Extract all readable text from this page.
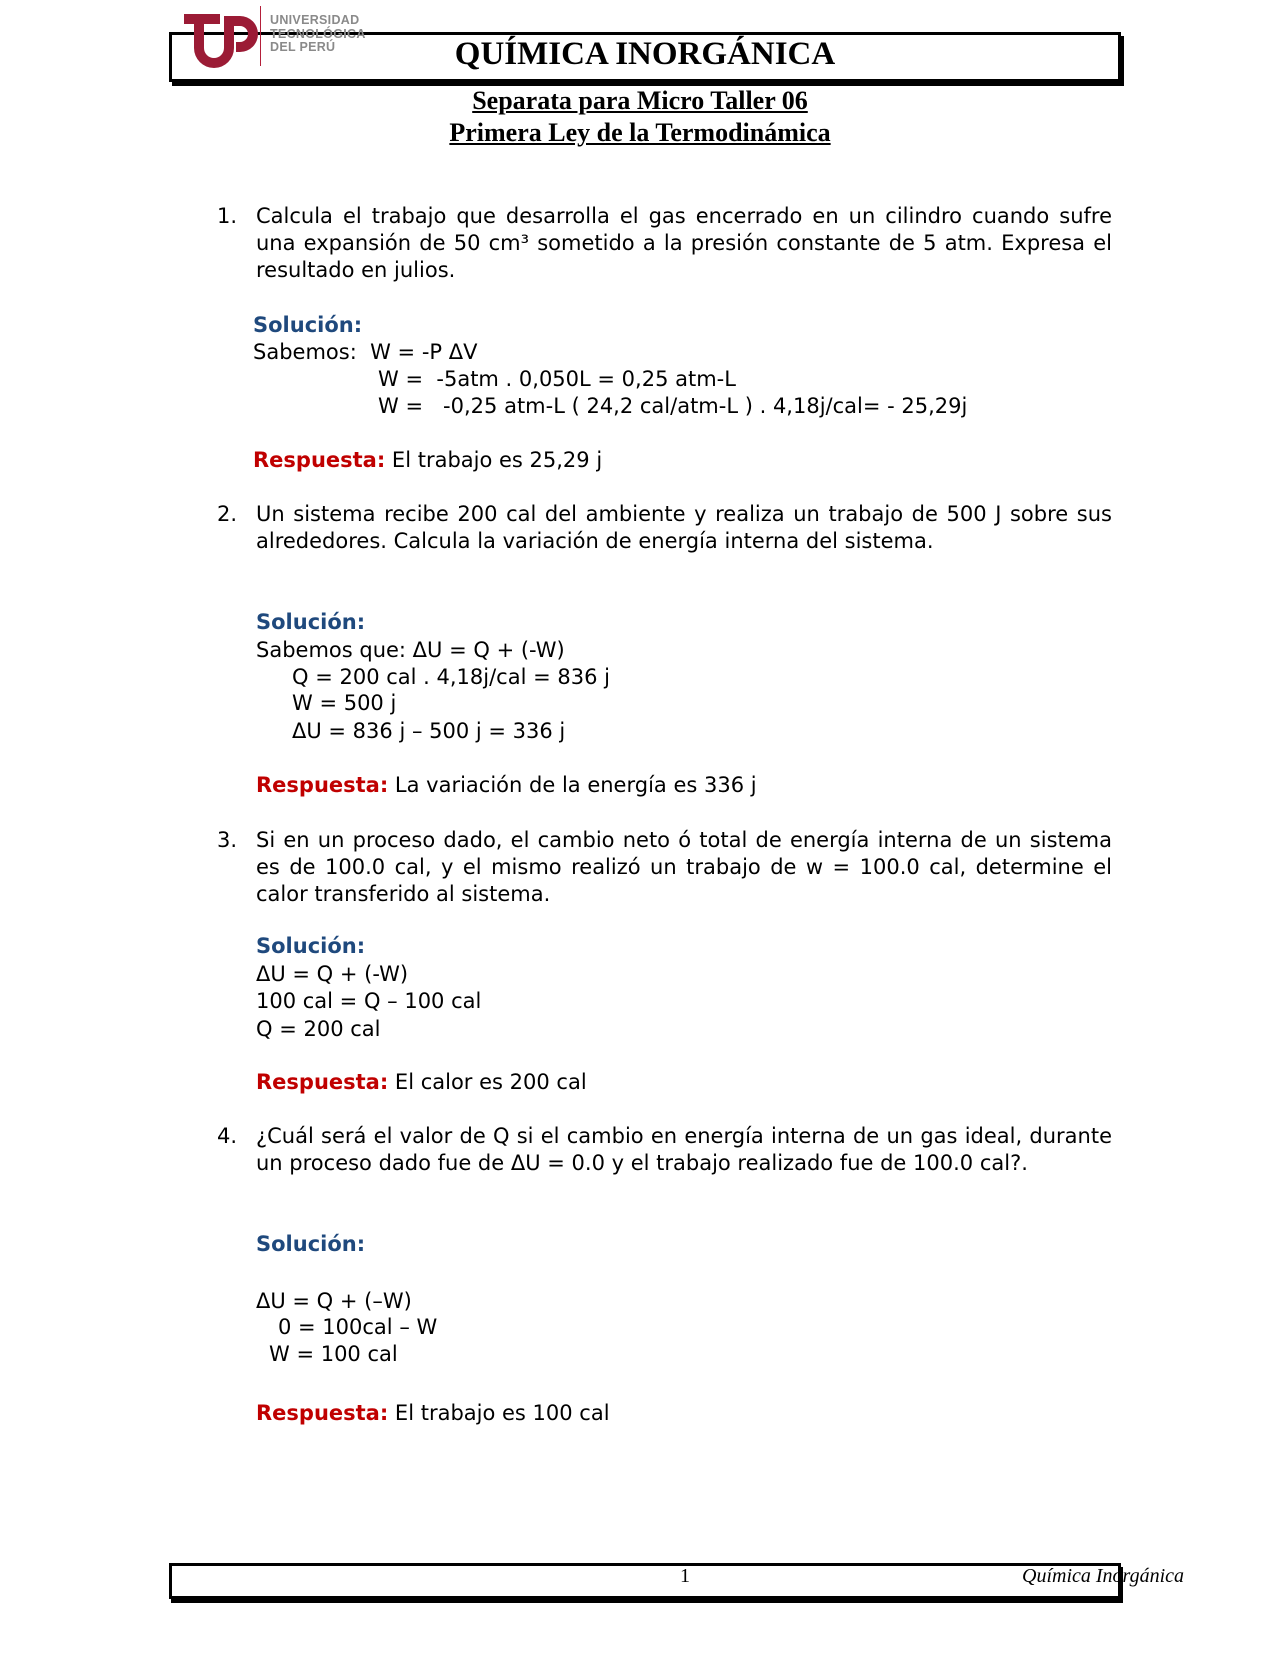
UNIVERSIDAD
TECNOLÓGICA
DEL PERÚ	QUÍMICA INORGÁNICA
Separata para Micro Taller 06
Primera Ley de la Termodinámica
1. Calcula el trabajo que desarrolla el gas encerrado en un cilindro cuando sufre una expansión de 50 cm³ sometido a la presión constante de 5 atm. Expresa el resultado en julios.
Solución:
Sabemos:  W = -P ΔV
W =  -5atm . 0,050L = 0,25 atm-L
W =   -0,25 atm-L ( 24,2 cal/atm-L ) . 4,18j/cal= - 25,29j
Respuesta: El trabajo es 25,29 j
2. Un sistema recibe 200 cal del ambiente y realiza un trabajo de 500 J sobre sus alrededores. Calcula la variación de energía interna del sistema.
Solución:
Sabemos que: ΔU = Q + (-W)
Q = 200 cal . 4,18j/cal = 836 j
W = 500 j
ΔU = 836 j – 500 j = 336 j
Respuesta: La variación de la energía es 336 j
3. Si en un proceso dado, el cambio neto ó total de energía interna de un sistema es de 100.0 cal, y el mismo realizó un trabajo de w = 100.0 cal, determine el calor transferido al sistema.
Solución:
ΔU = Q + (-W)
100 cal = Q – 100 cal
Q = 200 cal
Respuesta: El calor es 200 cal
4. ¿Cuál será el valor de Q si el cambio en energía interna de un gas ideal, durante un proceso dado fue de ΔU = 0.0 y el trabajo realizado fue de 100.0 cal?.
Solución:
ΔU = Q + (–W)
0 = 100cal – W
W = 100 cal
Respuesta: El trabajo es 100 cal
1	Química Inorgánica
